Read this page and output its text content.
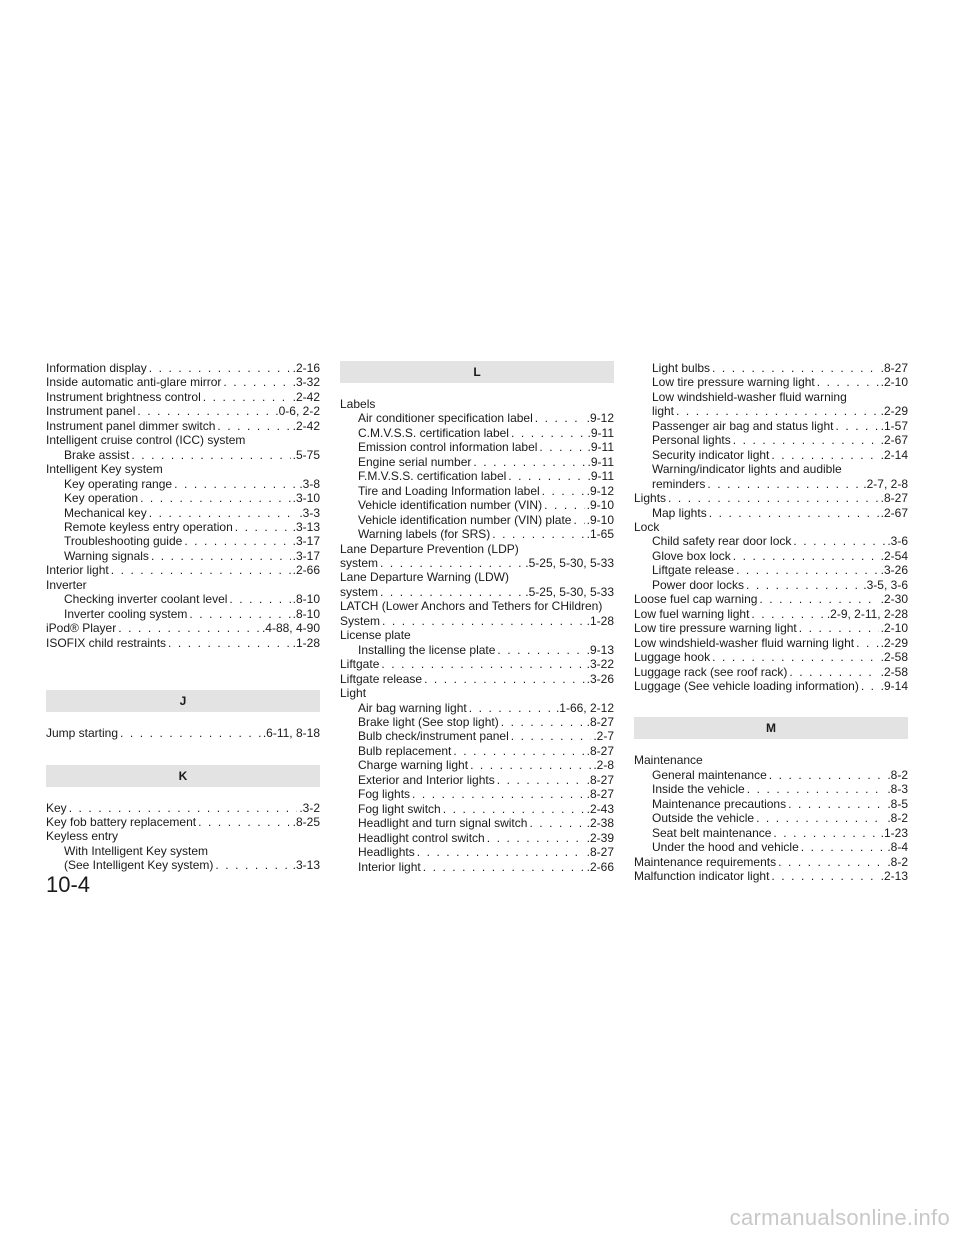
Information display . . .	.2-16
Inside automatic anti-glare mirror . . .	.3-32
Instrument brightness control . . .	.2-42
Instrument panel . . .	.0-6, 2-2
Instrument panel dimmer switch . . .	.2-42
Intelligent cruise control (ICC) system
Brake assist . . .	.5-75
Intelligent Key system
Key operating range . . .	.3-8
Key operation . . .	.3-10
Mechanical key . . .	.3-3
Remote keyless entry operation . . .	.3-13
Troubleshooting guide . . .	.3-17
Warning signals . . .	.3-17
Interior light . . .	.2-66
Inverter
Checking inverter coolant level . . .	.8-10
Inverter cooling system . . .	.8-10
iPod® Player . . .	.4-88, 4-90
ISOFIX child restraints . . .	.1-28
J
Jump starting . . .	.6-11, 8-18
K
Key . . .	.3-2
Key fob battery replacement . . .	.8-25
Keyless entry
With Intelligent Key system
(See Intelligent Key system) . . .	.3-13
L
Labels
Air conditioner specification label . . .	.9-12
C.M.V.S.S. certification label . . .	.9-11
Emission control information label . . .	.9-11
Engine serial number . . .	.9-11
F.M.V.S.S. certification label . . .	.9-11
Tire and Loading Information label . . .	.9-12
Vehicle identification number (VIN) . . .	.9-10
Vehicle identification number (VIN) plate . . . .9-10
Warning labels (for SRS) . . .	.1-65
Lane Departure Prevention (LDP)
system . . .	.5-25, 5-30, 5-33
Lane Departure Warning (LDW)
system . . .	.5-25, 5-30, 5-33
LATCH (Lower Anchors and Tethers for CHildren)
System . . .	.1-28
License plate
Installing the license plate . . .	.9-13
Liftgate . . .	.3-22
Liftgate release . . .	.3-26
Light
Air bag warning light . . .	.1-66, 2-12
Brake light (See stop light) . . .	.8-27
Bulb check/instrument panel . . .	.2-7
Bulb replacement . . .	.8-27
Charge warning light . . .	.2-8
Exterior and Interior lights . . .	.8-27
Fog lights . . .	.8-27
Fog light switch . . .	.2-43
Headlight and turn signal switch . . .	.2-38
Headlight control switch . . .	.2-39
Headlights . . .	.8-27
Interior light . . .	.2-66
Light bulbs . . .	.8-27
Low tire pressure warning light . . .	.2-10
Low windshield-washer fluid warning
light . . .	.2-29
Passenger air bag and status light . . .	.1-57
Personal lights . . .	.2-67
Security indicator light . . .	.2-14
Warning/indicator lights and audible
reminders . . .	.2-7, 2-8
Lights . . .	.8-27
Map lights . . .	.2-67
Lock
Child safety rear door lock . . .	.3-6
Glove box lock . . .	.2-54
Liftgate release . . .	.3-26
Power door locks . . .	.3-5, 3-6
Loose fuel cap warning . . .	.2-30
Low fuel warning light . . .	.2-9, 2-11, 2-28
Low tire pressure warning light . . .	.2-10
Low windshield-washer fluid warning light . . . .2-29
Luggage hook . . .	.2-58
Luggage rack (see roof rack) . . .	.2-58
Luggage (See vehicle loading information) . . . .9-14
M
Maintenance
General maintenance . . .	.8-2
Inside the vehicle . . .	.8-3
Maintenance precautions . . .	.8-5
Outside the vehicle . . .	.8-2
Seat belt maintenance . . .	.1-23
Under the hood and vehicle . . .	.8-4
Maintenance requirements . . .	.8-2
Malfunction indicator light . . .	.2-13
10-4
carmanualsonline.info
